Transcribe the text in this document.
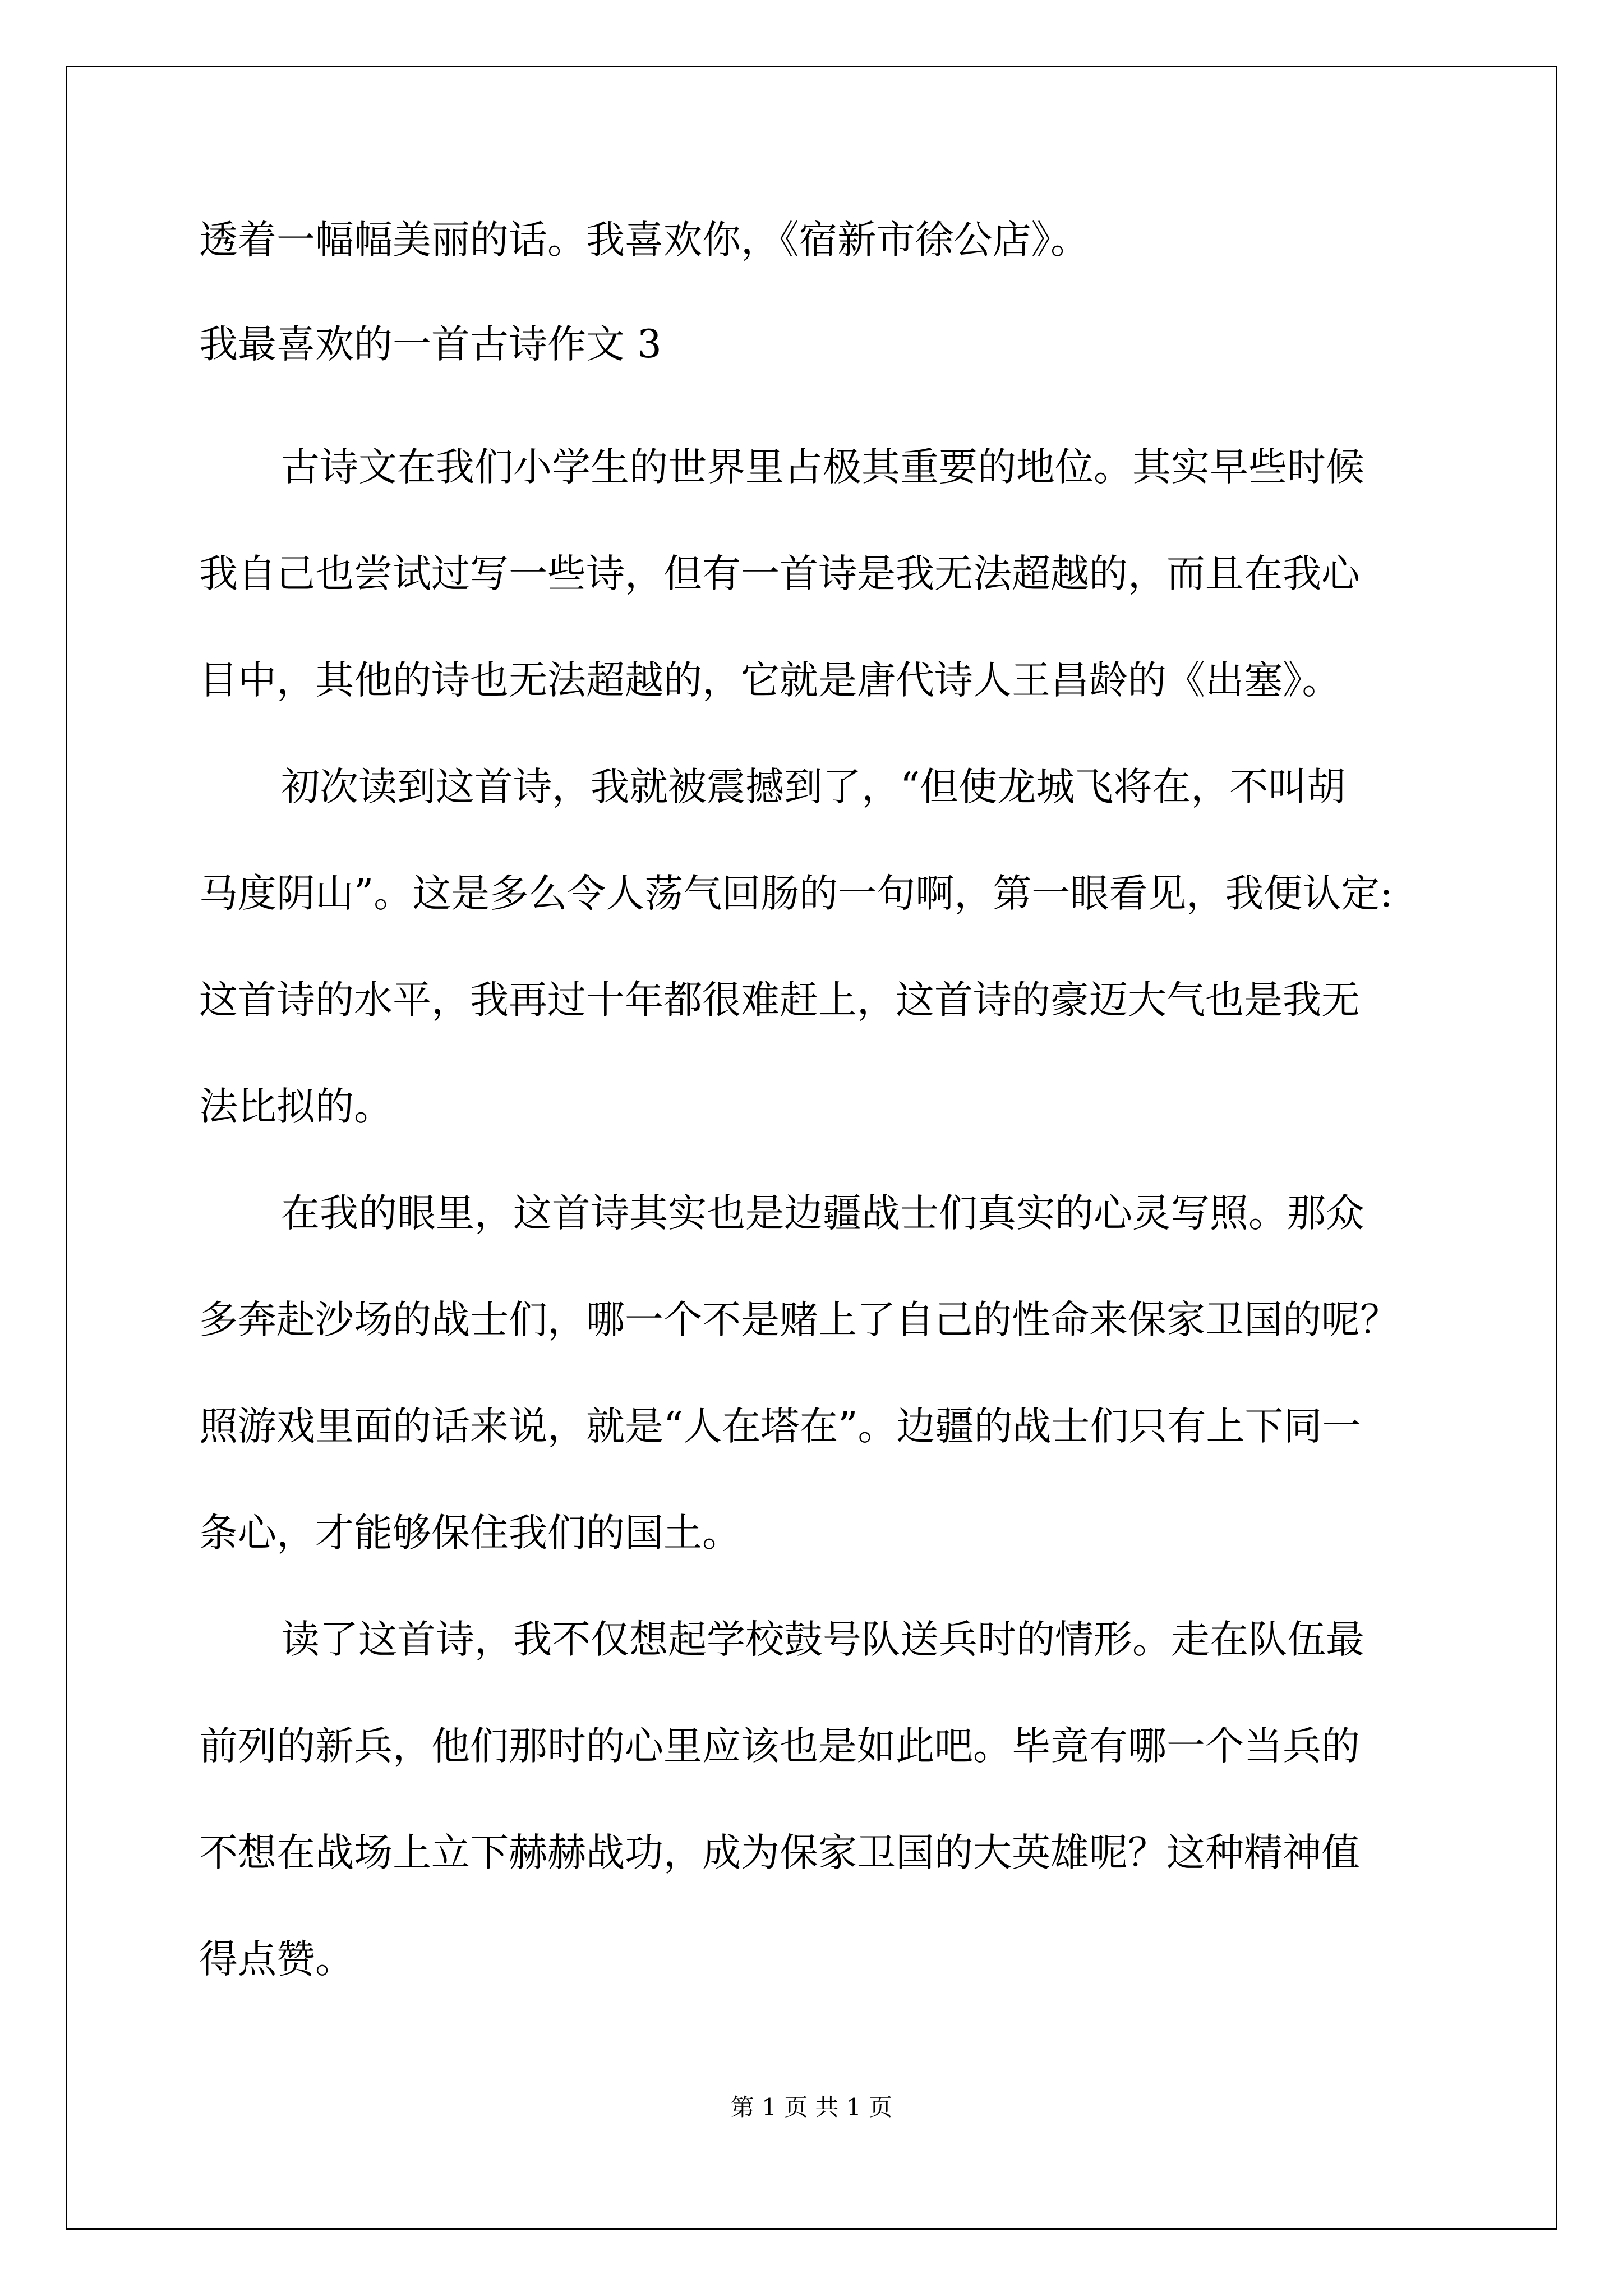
透着一幅幅美丽的话。我喜欢你，《宿新市徐公店》。
我最喜欢的一首古诗作文 3
古诗文在我们小学生的世界里占极其重要的地位。其实早些时候
我自己也尝试过写一些诗，但有一首诗是我无法超越的，而且在我心
目中，其他的诗也无法超越的，它就是唐代诗人王昌龄的《出塞》。
初次读到这首诗，我就被震撼到了，“但使龙城飞将在，不叫胡
马度阴山”。这是多么令人荡气回肠的一句啊，第一眼看见，我便认定:
这首诗的水平，我再过十年都很难赶上，这首诗的豪迈大气也是我无
法比拟的。
在我的眼里，这首诗其实也是边疆战士们真实的心灵写照。那众
多奔赴沙场的战士们，哪一个不是赌上了自己的性命来保家卫国的呢？
照游戏里面的话来说，就是“人在塔在”。边疆的战士们只有上下同一
条心，才能够保住我们的国土。
读了这首诗，我不仅想起学校鼓号队送兵时的情形。走在队伍最
前列的新兵，他们那时的心里应该也是如此吧。毕竟有哪一个当兵的
不想在战场上立下赫赫战功，成为保家卫国的大英雄呢？这种精神值
得点赞。
第 1 页 共 1 页
